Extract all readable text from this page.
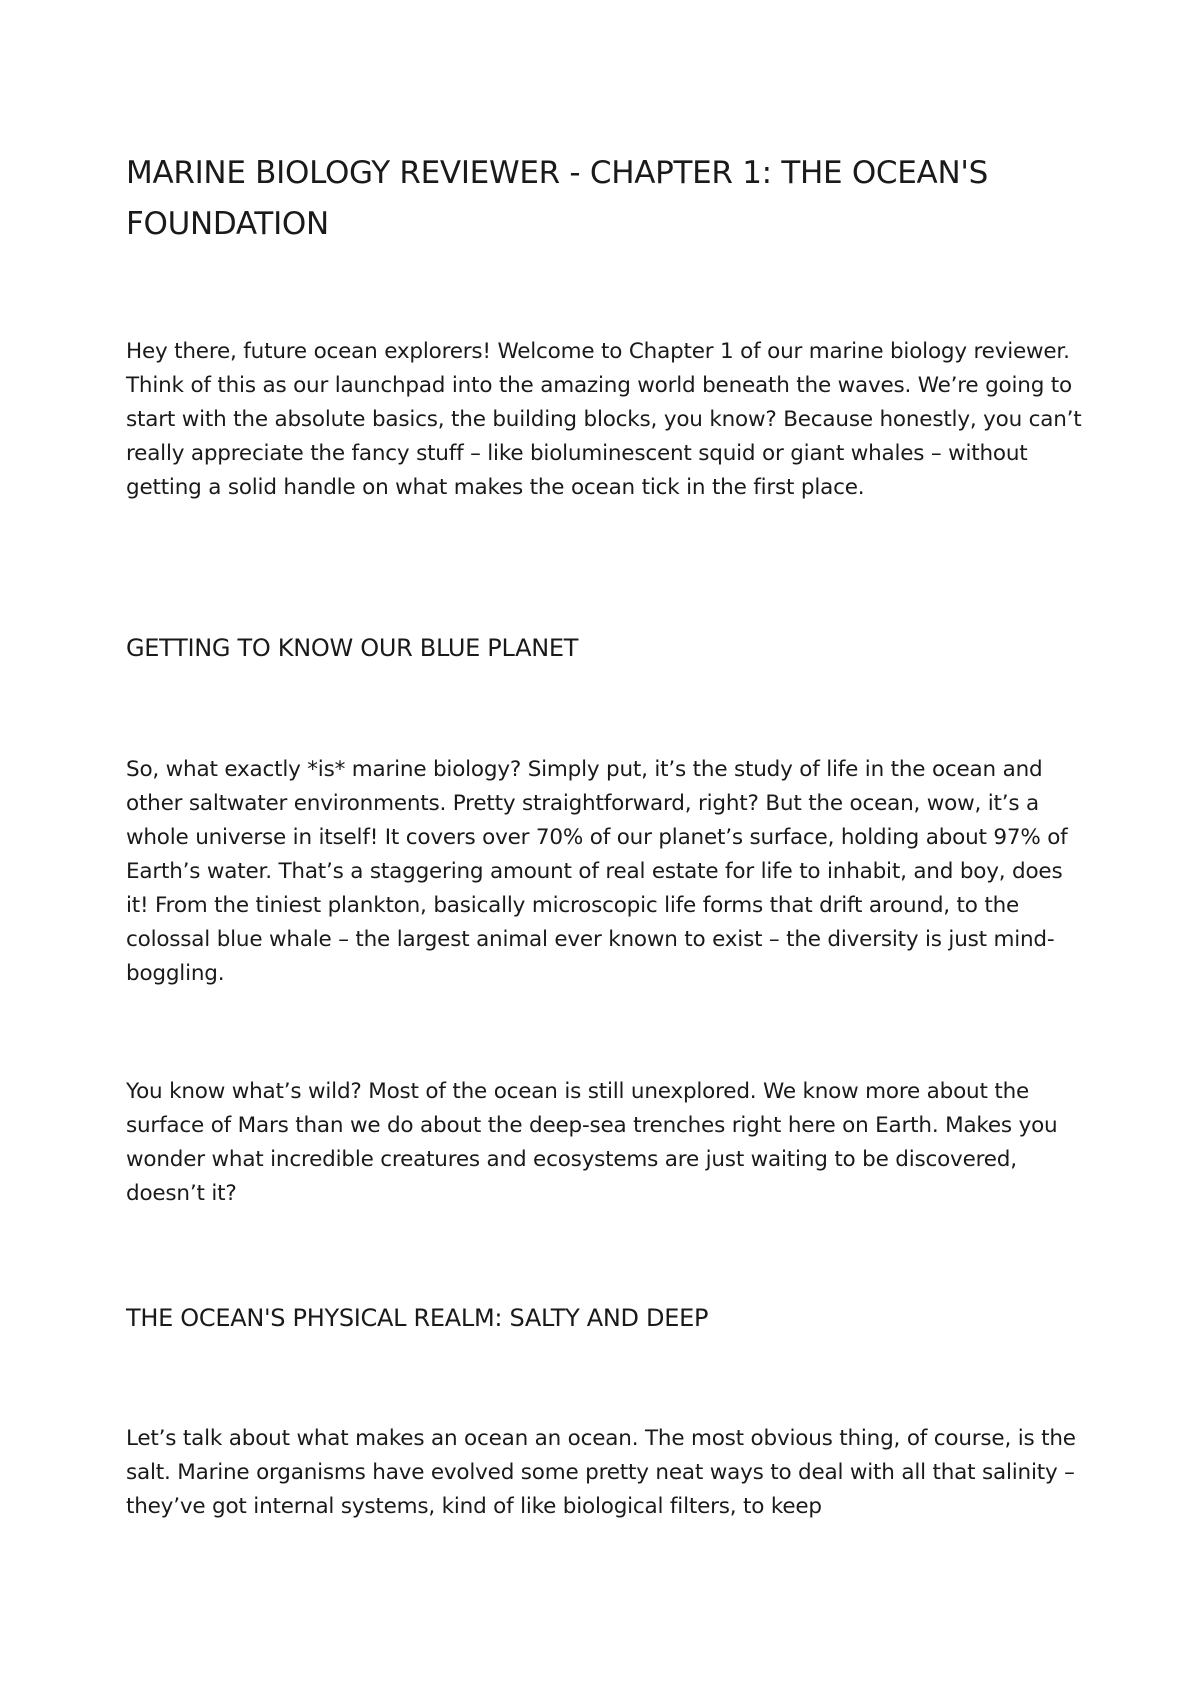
MARINE BIOLOGY REVIEWER - CHAPTER 1: THE OCEAN'S FOUNDATION

Hey there, future ocean explorers! Welcome to Chapter 1 of our marine biology reviewer. Think of this as our launchpad into the amazing world beneath the waves. We’re going to start with the absolute basics, the building blocks, you know? Because honestly, you can’t really appreciate the fancy stuff – like bioluminescent squid or giant whales – without getting a solid handle on what makes the ocean tick in the first place.

GETTING TO KNOW OUR BLUE PLANET

So, what exactly *is* marine biology? Simply put, it’s the study of life in the ocean and other saltwater environments. Pretty straightforward, right? But the ocean, wow, it’s a whole universe in itself! It covers over 70% of our planet’s surface, holding about 97% of Earth’s water. That’s a staggering amount of real estate for life to inhabit, and boy, does it! From the tiniest plankton, basically microscopic life forms that drift around, to the colossal blue whale – the largest animal ever known to exist – the diversity is just mind-boggling.

You know what’s wild? Most of the ocean is still unexplored. We know more about the surface of Mars than we do about the deep-sea trenches right here on Earth. Makes you wonder what incredible creatures and ecosystems are just waiting to be discovered, doesn’t it?

THE OCEAN'S PHYSICAL REALM: SALTY AND DEEP

Let’s talk about what makes an ocean an ocean. The most obvious thing, of course, is the salt. Marine organisms have evolved some pretty neat ways to deal with all that salinity – they’ve got internal systems, kind of like biological filters, to keep
